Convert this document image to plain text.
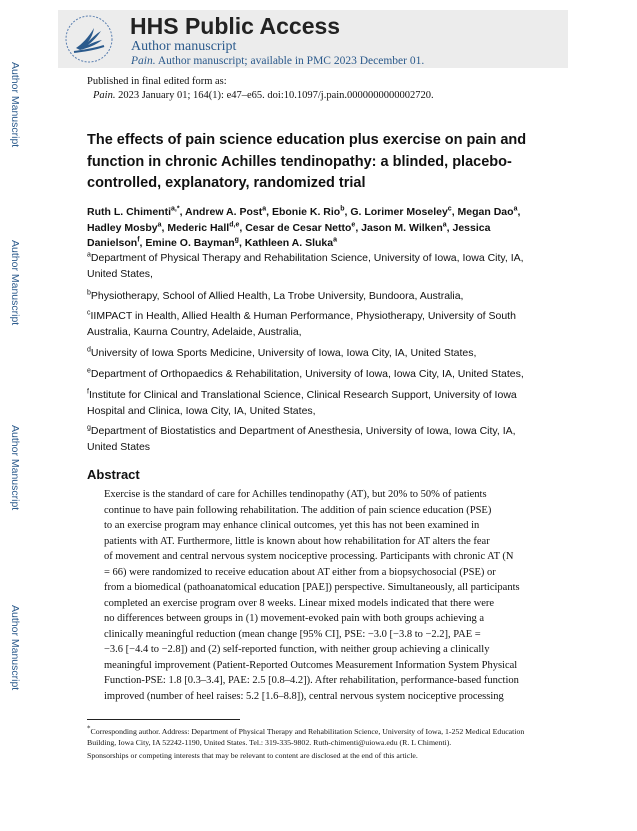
Author Manuscript
Author Manuscript
Author Manuscript
Author Manuscript
HHS Public Access
Author manuscript
Pain. Author manuscript; available in PMC 2023 December 01.
Published in final edited form as:
Pain. 2023 January 01; 164(1): e47–e65. doi:10.1097/j.pain.0000000000002720.
The effects of pain science education plus exercise on pain and function in chronic Achilles tendinopathy: a blinded, placebo-controlled, explanatory, randomized trial
Ruth L. Chimenti$^{a,*}$, Andrew A. Post$^a$, Ebonie K. Rio$^b$, G. Lorimer Moseley$^c$, Megan Dao$^a$, Hadley Mosby$^a$, Mederic Hall$^{d,e}$, Cesar de Cesar Netto$^e$, Jason M. Wilken$^a$, Jessica Danielson$^f$, Emine O. Bayman$^g$, Kathleen A. Sluka$^a$
$^a$Department of Physical Therapy and Rehabilitation Science, University of Iowa, Iowa City, IA, United States,
$^b$Physiotherapy, School of Allied Health, La Trobe University, Bundoora, Australia,
$^c$IIMPACT in Health, Allied Health & Human Performance, Physiotherapy, University of South Australia, Kaurna Country, Adelaide, Australia,
$^d$University of Iowa Sports Medicine, University of Iowa, Iowa City, IA, United States,
$^e$Department of Orthopaedics & Rehabilitation, University of Iowa, Iowa City, IA, United States,
$^f$Institute for Clinical and Translational Science, Clinical Research Support, University of Iowa Hospital and Clinica, Iowa City, IA, United States,
$^g$Department of Biostatistics and Department of Anesthesia, University of Iowa, Iowa City, IA, United States
Abstract
Exercise is the standard of care for Achilles tendinopathy (AT), but 20% to 50% of patients
continue to have pain following rehabilitation. The addition of pain science education (PSE)
to an exercise program may enhance clinical outcomes, yet this has not been examined in
patients with AT. Furthermore, little is known about how rehabilitation for AT alters the fear
of movement and central nervous system nociceptive processing. Participants with chronic AT (N
= 66) were randomized to receive education about AT either from a biopsychosocial (PSE) or
from a biomedical (pathoanatomical education [PAE]) perspective. Simultaneously, all participants
completed an exercise program over 8 weeks. Linear mixed models indicated that there were
no differences between groups in (1) movement-evoked pain with both groups achieving a
clinically meaningful reduction (mean change [95% CI], PSE: −3.0 [−3.8 to −2.2], PAE =
−3.6 [−4.4 to −2.8]) and (2) self-reported function, with neither group achieving a clinically
meaningful improvement (Patient-Reported Outcomes Measurement Information System Physical
Function-PSE: 1.8 [0.3–3.4], PAE: 2.5 [0.8–4.2]). After rehabilitation, performance-based function
improved (number of heel raises: 5.2 [1.6–8.8]), central nervous system nociceptive processing
*Corresponding author. Address: Department of Physical Therapy and Rehabilitation Science, University of Iowa, 1-252 Medical Education Building, Iowa City, IA 52242-1190, United States. Tel.: 319-335-9802. Ruth-chimenti@uiowa.edu (R. L Chimenti).
Sponsorships or competing interests that may be relevant to content are disclosed at the end of this article.
